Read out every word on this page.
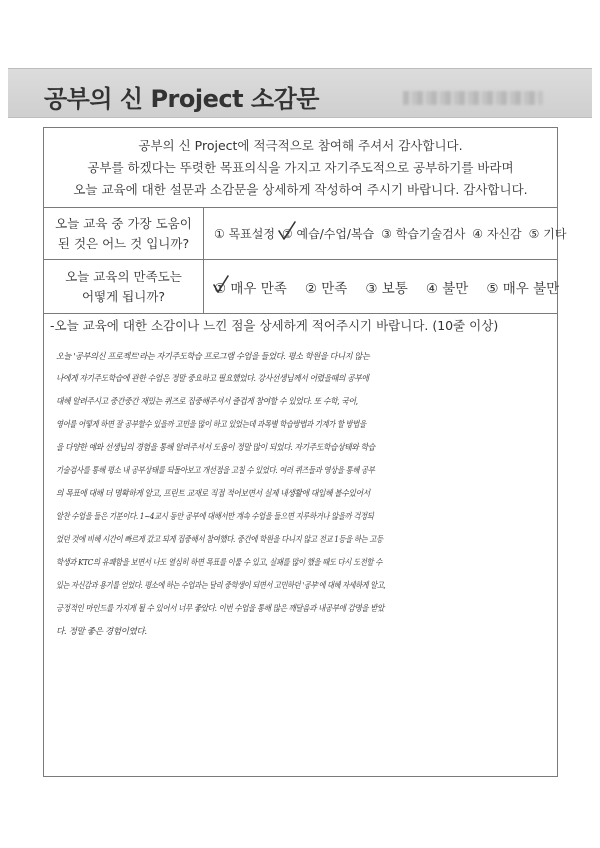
공부의 신 Project 소감문
공부의 신 Project에 적극적으로 참여해 주셔서 감사합니다.
공부를 하겠다는 뚜렷한 목표의식을 가지고 자기주도적으로 공부하기를 바라며
오늘 교육에 대한 설문과 소감문을 상세하게 작성하여 주시기 바랍니다. 감사합니다.
오늘 교육 중 가장 도움이
된 것은 어느 것 입니까?
① 목표설정 ② 예습/수업/복습 ③ 학습기술검사 ④ 자신감 ⑤ 기타
오늘 교육의 만족도는
어떻게 됩니까?	① 매우 만족 ② 만족 ③ 보통 ④ 불만 ⑤ 매우 불만
-오늘 교육에 대한 소감이나 느낀 점을 상세하게 적어주시기 바랍니다. (10줄 이상)
오늘 '공부의신 프로젝트'라는 자기주도학습 프로그램 수업을 들었다. 평소 학원을 다니지 않는
나에게 자기주도학습에 관한 수업은 정말 중요하고 필요했었다. 강사선생님께서 어렸을때의 공부에
대해 알려주시고 중간중간 재밌는 퀴즈로 집중해주셔서 즐겁게 참여할 수 있었다. 또 수학, 국어,
영어를 어떻게 하면 잘 공부할수 있을까 고민을 많이 하고 있었는데 과목별 학습방법과 기계가 할 방법을
을 다양한 예와 선생님의 경험을 통해 알려주셔서 도움이 정말 많이 되었다. 자기주도학습상태와 학습
기술검사를 통해 평소 내 공부상태를 되돌아보고 개선점을 고칠 수 있었다. 여러 퀴즈들과 영상을 통해 공부
의 목표에 대해 더 명확하게 알고, 프린트 교재로 직접 적어보면서 실제 내생활에 대입해 볼수있어서
알찬 수업을 들은 기분이다. 1~4교시 동안 공부에 대해서만 계속 수업을 들으면 지루하거나 않을까 걱정되
었던 것에 비해 시간이 빠르게 갔고 되게 집중해서 참여했다. 중간에 학원을 다니지 않고 전교 1등을 하는 고등
학생과 KTC의 유쾌함을 보면서 나도 열심히 하면 목표를 이룰 수 있고, 실패를 많이 했을 때도 다시 도전할 수
있는 자신감과 용기를 얻었다. 평소에 하는 수업과는 달리 중학생이 되면서 고민하던 '공부'에 대해 자세하게 알고,
긍정적인 마인드를 가지게 될 수 있어서 너무 좋았다. 이번 수업을 통해 많은 깨달음과 내공부에 감명을 받았
다. 정말 좋은 경험이였다.
